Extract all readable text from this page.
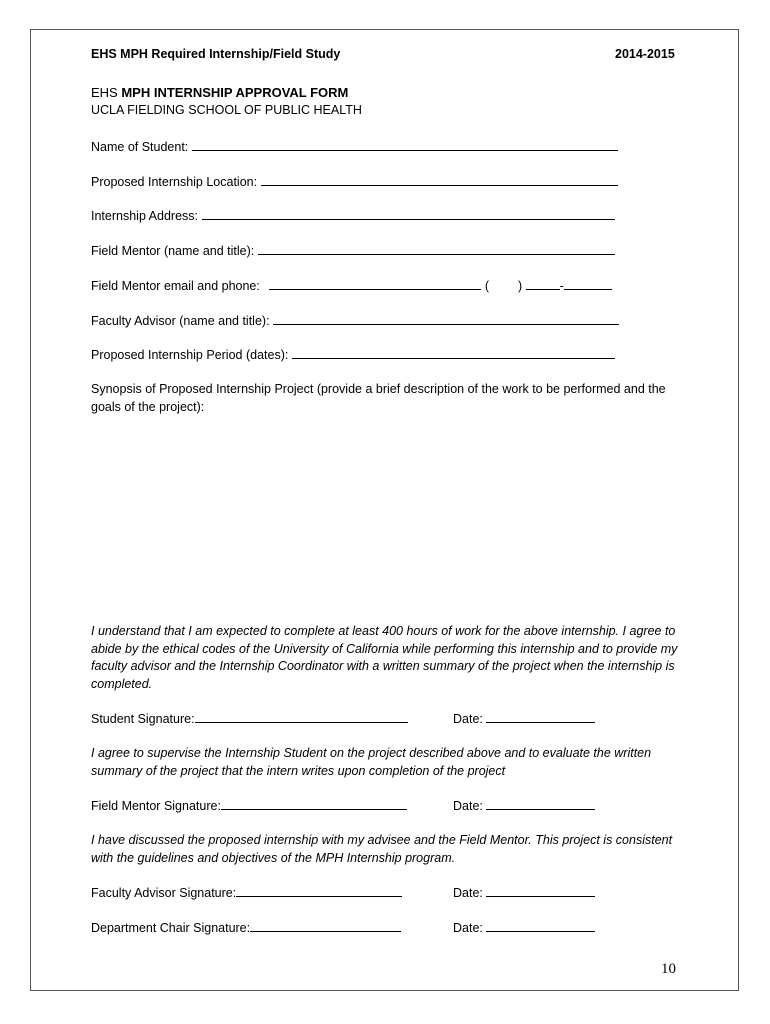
EHS MPH Required Internship/Field Study	2014-2015
EHS MPH INTERNSHIP APPROVAL FORM
UCLA FIELDING SCHOOL OF PUBLIC HEALTH
Name of Student:
Proposed Internship Location:
Internship Address:
Field Mentor (name and title):
Field Mentor email and phone:	( )	-
Faculty Advisor (name and title):
Proposed Internship Period (dates):
Synopsis of Proposed Internship Project (provide a brief description of the work to be performed and the goals of the project):
I understand that I am expected to complete at least 400 hours of work for the above internship. I agree to abide by the ethical codes of the University of California while performing this internship and to provide my faculty advisor and the Internship Coordinator with a written summary of the project when the internship is completed.
Student Signature:	Date:
I agree to supervise the Internship Student on the project described above and to evaluate the written summary of the project that the intern writes upon completion of the project
Field Mentor Signature:	Date:
I have discussed the proposed internship with my advisee and the Field Mentor. This project is consistent with the guidelines and objectives of the MPH Internship program.
Faculty Advisor Signature:	Date:
Department Chair Signature:	Date:
10
